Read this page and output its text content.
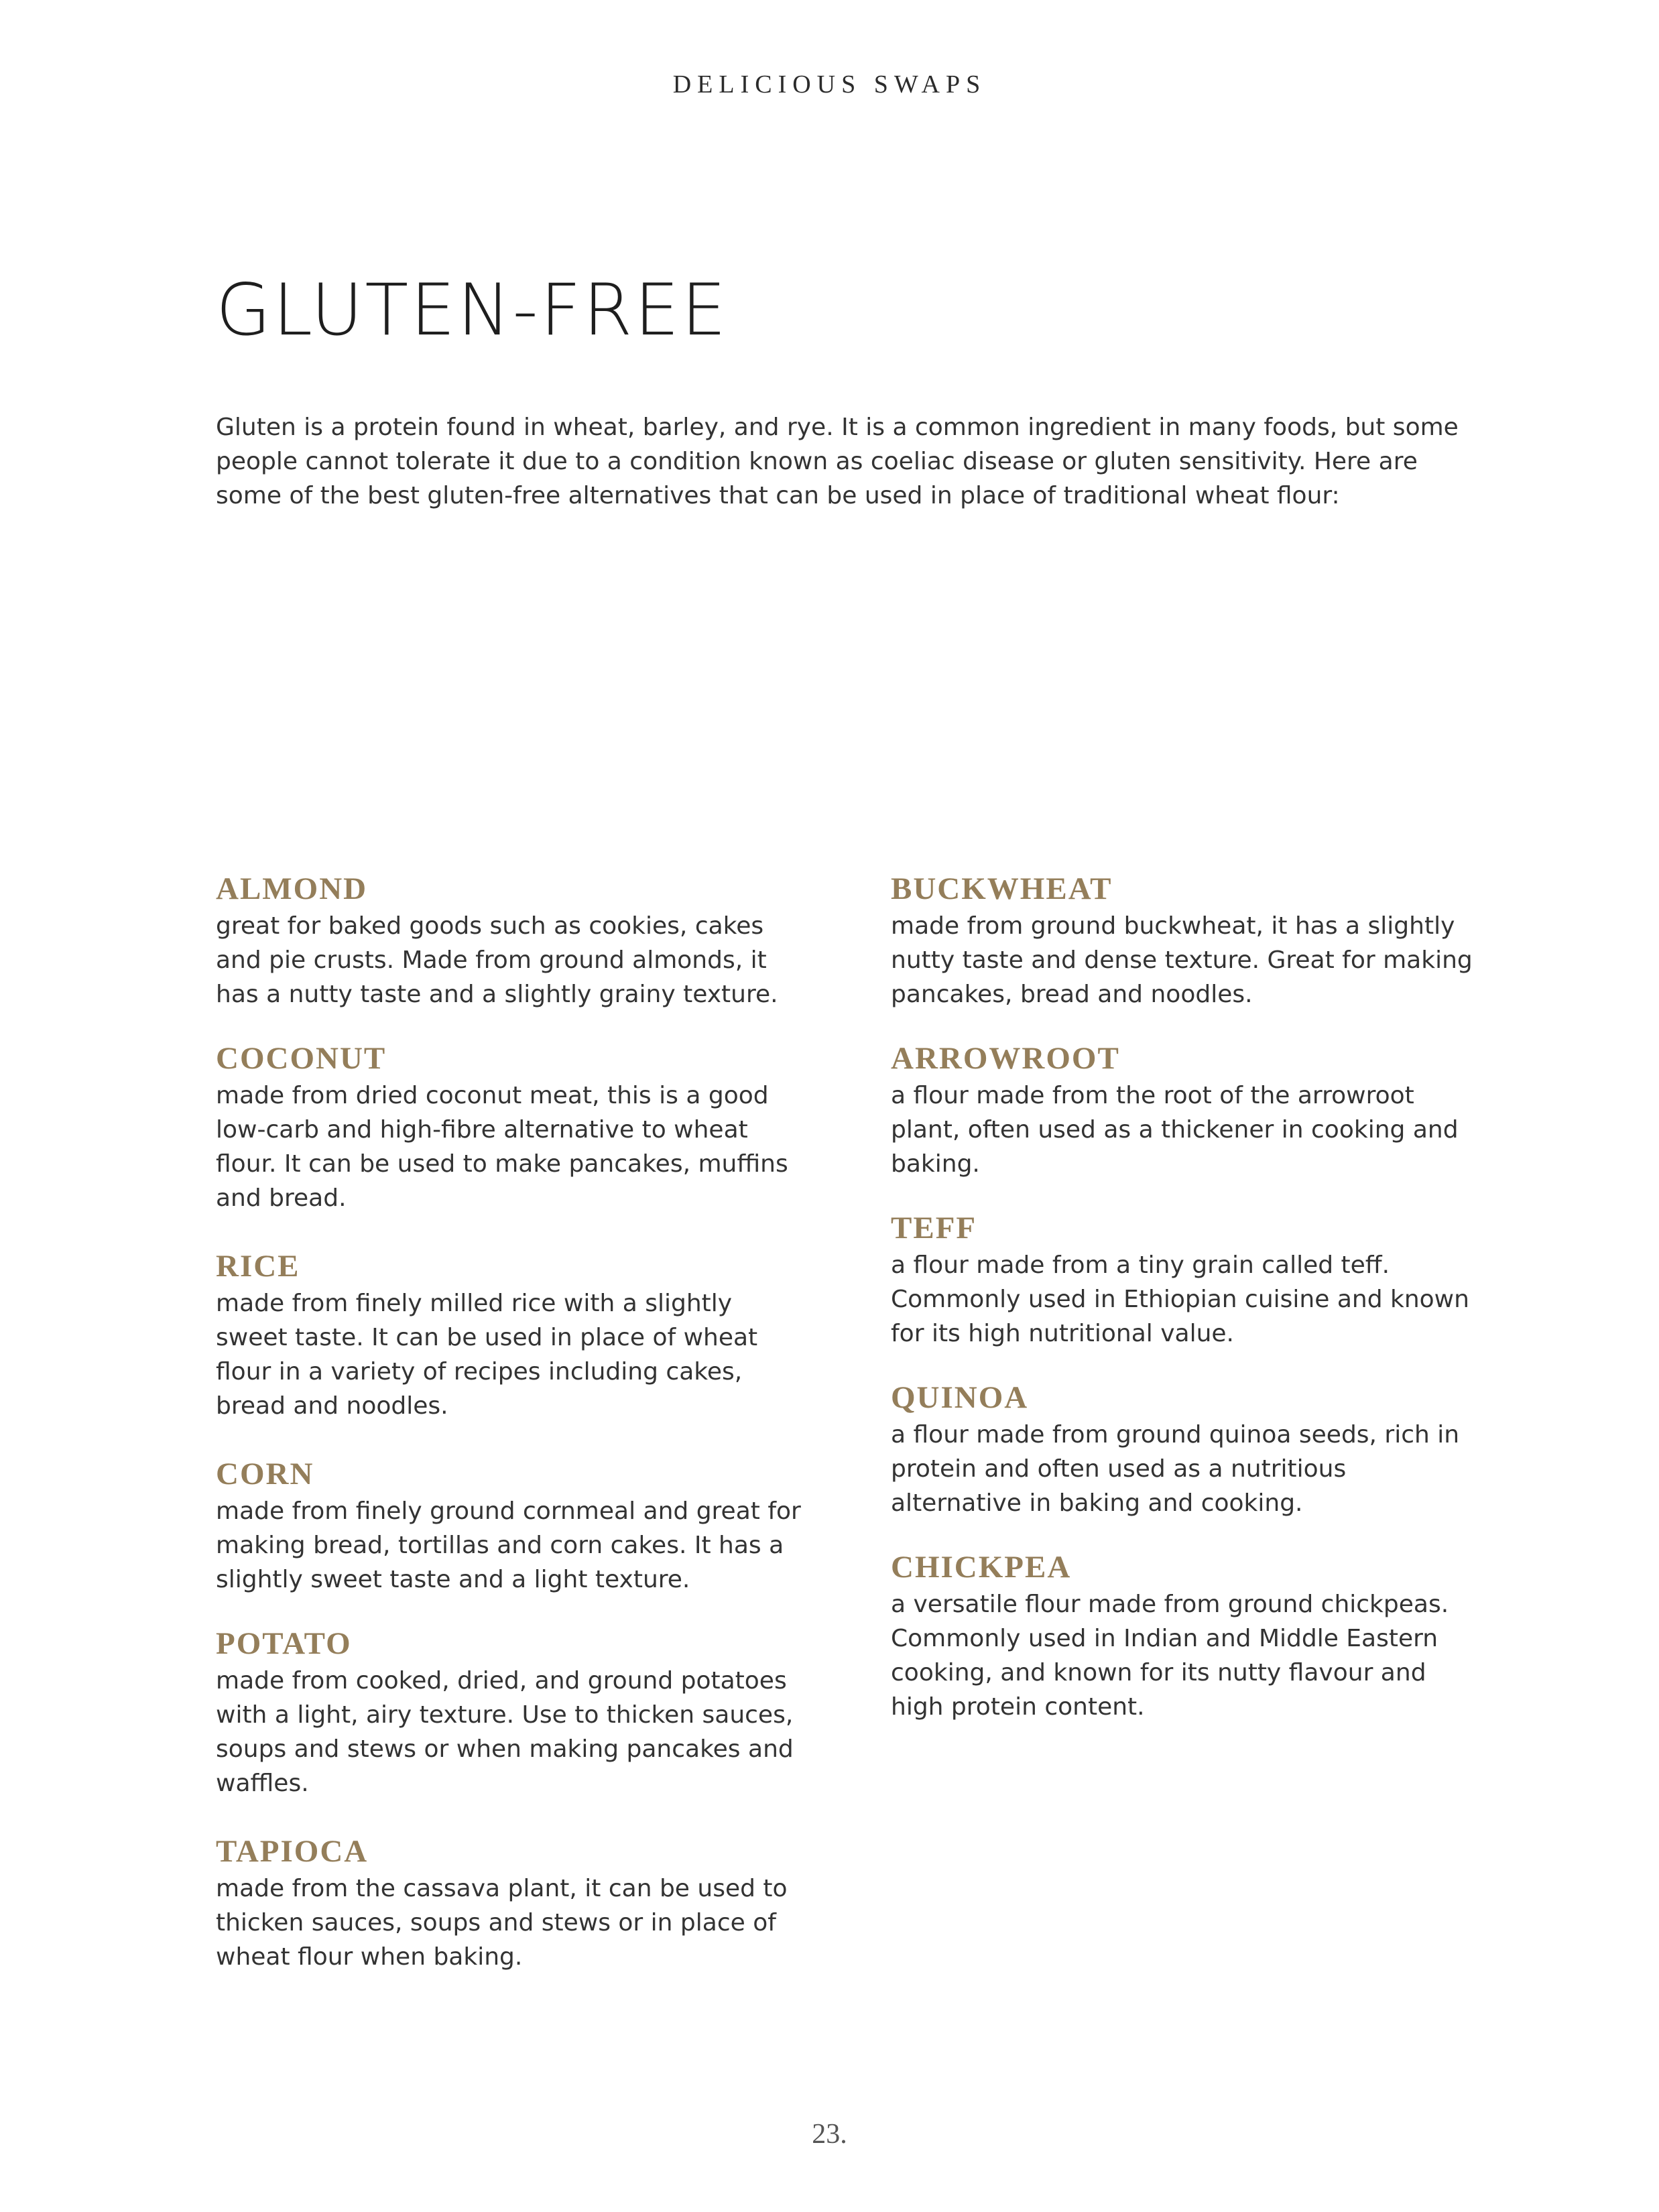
DELICIOUS SWAPS
GLUTEN-FREE

Gluten is a protein found in wheat, barley, and rye. It is a common ingredient in many foods, but some people cannot tolerate it due to a condition known as coeliac disease or gluten sensitivity. Here are some of the best gluten-free alternatives that can be used in place of traditional wheat flour:

ALMOND

great for baked goods such as cookies, cakes and pie crusts. Made from ground almonds, it has a nutty taste and a slightly grainy texture.

COCONUT

made from dried coconut meat, this is a good low-carb and high-fibre alternative to wheat flour. It can be used to make pancakes, muffins and bread.

RICE

made from finely milled rice with a slightly sweet taste. It can be used in place of wheat flour in a variety of recipes including cakes, bread and noodles.

CORN

made from finely ground cornmeal and great for making bread, tortillas and corn cakes. It has a slightly sweet taste and a light texture.

POTATO

made from cooked, dried, and ground potatoes with a light, airy texture. Use to thicken sauces, soups and stews or when making pancakes and waffles.

TAPIOCA

made from the cassava plant, it can be used to thicken sauces, soups and stews or in place of wheat flour when baking.

BUCKWHEAT

made from ground buckwheat, it has a slightly nutty taste and dense texture. Great for making pancakes, bread and noodles.

ARROWROOT

a flour made from the root of the arrowroot plant, often used as a thickener in cooking and baking.

TEFF

a flour made from a tiny grain called teff. Commonly used in Ethiopian cuisine and known for its high nutritional value.

QUINOA

a flour made from ground quinoa seeds, rich in protein and often used as a nutritious alternative in baking and cooking.

CHICKPEA

a versatile flour made from ground chickpeas. Commonly used in Indian and Middle Eastern cooking, and known for its nutty flavour and high protein content.

23.
